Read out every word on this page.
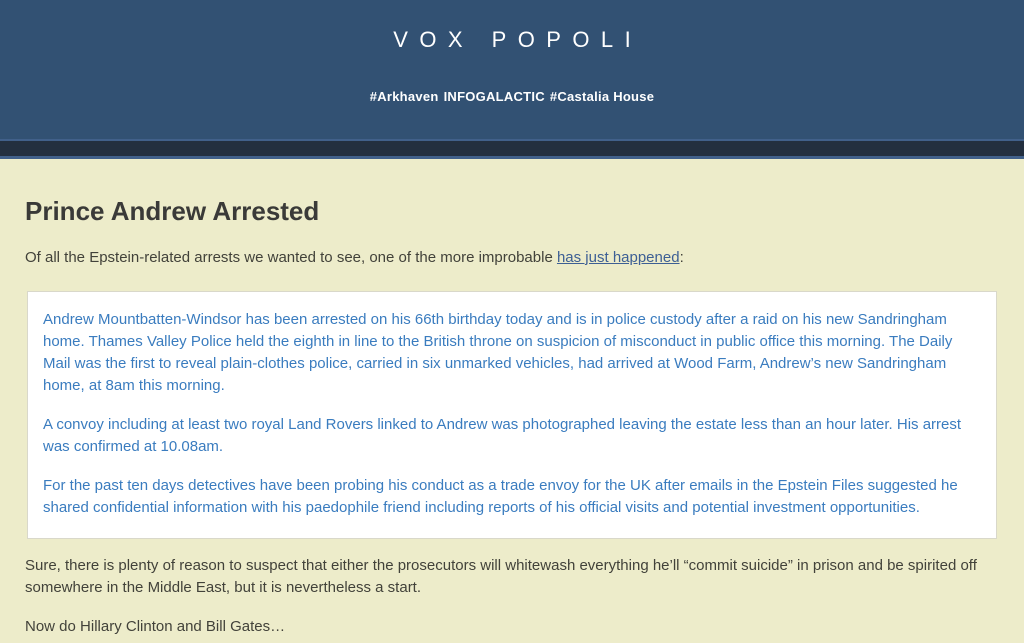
VOX POPOLI
#Arkhaven INFOGALACTIC #Castalia House
Prince Andrew Arrested

Of all the Epstein-related arrests we wanted to see, one of the more improbable has just happened:

Andrew Mountbatten-Windsor has been arrested on his 66th birthday today and is in police custody after a raid on his new Sandringham home. Thames Valley Police held the eighth in line to the British throne on suspicion of misconduct in public office this morning. The Daily Mail was the first to reveal plain-clothes police, carried in six unmarked vehicles, had arrived at Wood Farm, Andrew’s new Sandringham home, at 8am this morning.

A convoy including at least two royal Land Rovers linked to Andrew was photographed leaving the estate less than an hour later. His arrest was confirmed at 10.08am.

For the past ten days detectives have been probing his conduct as a trade envoy for the UK after emails in the Epstein Files suggested he shared confidential information with his paedophile friend including reports of his official visits and potential investment opportunities.

Sure, there is plenty of reason to suspect that either the prosecutors will whitewash everything he’ll “commit suicide” in prison and be spirited off somewhere in the Middle East, but it is nevertheless a start.

Now do Hillary Clinton and Bill Gates…
